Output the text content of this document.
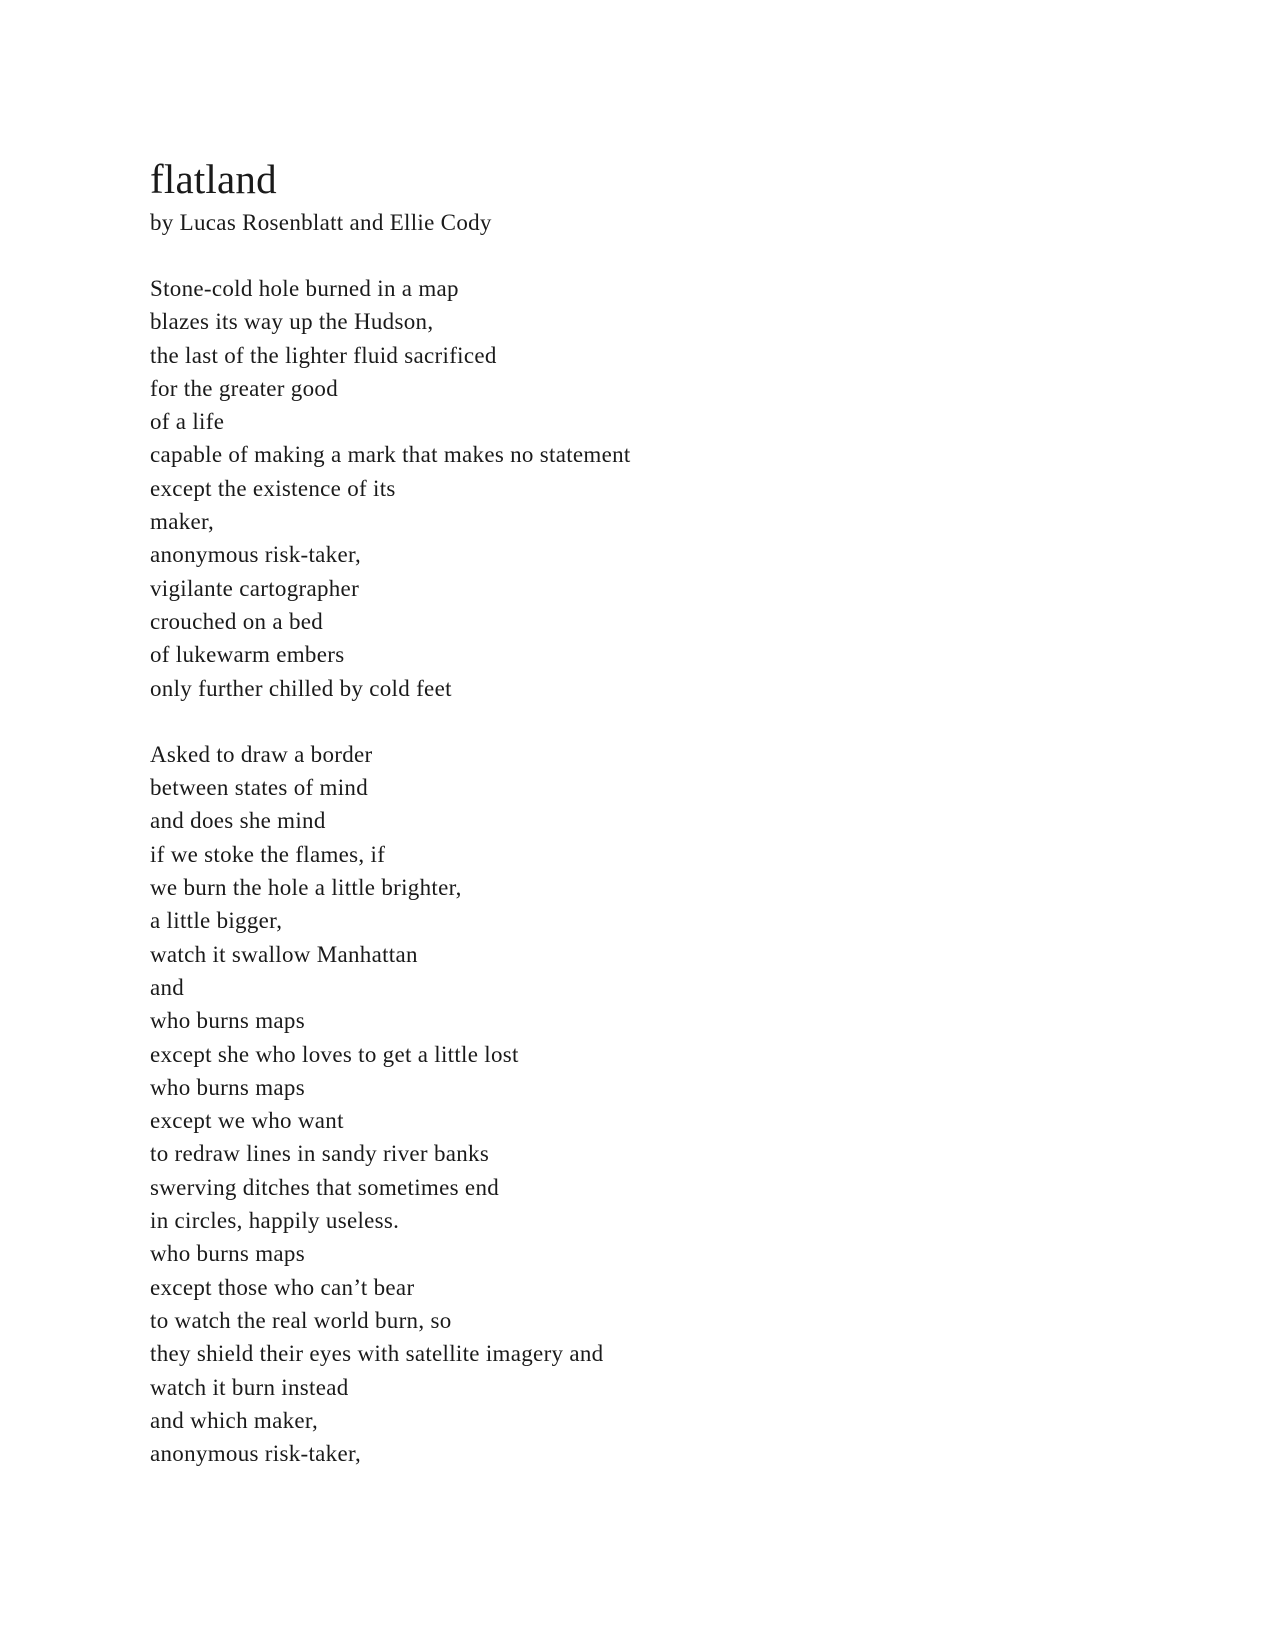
flatland
by Lucas Rosenblatt and Ellie Cody
Stone-cold hole burned in a map
blazes its way up the Hudson,
the last of the lighter fluid sacrificed
for the greater good
of a life
capable of making a mark that makes no statement
except the existence of its
maker,
anonymous risk-taker,
vigilante cartographer
crouched on a bed
of lukewarm embers
only further chilled by cold feet
Asked to draw a border
between states of mind
and does she mind
if we stoke the flames, if
we burn the hole a little brighter,
a little bigger,
watch it swallow Manhattan
and
who burns maps
except she who loves to get a little lost
who burns maps
except we who want
to redraw lines in sandy river banks
swerving ditches that sometimes end
in circles, happily useless.
who burns maps
except those who can’t bear
to watch the real world burn, so
they shield their eyes with satellite imagery and
watch it burn instead
and which maker,
anonymous risk-taker,
